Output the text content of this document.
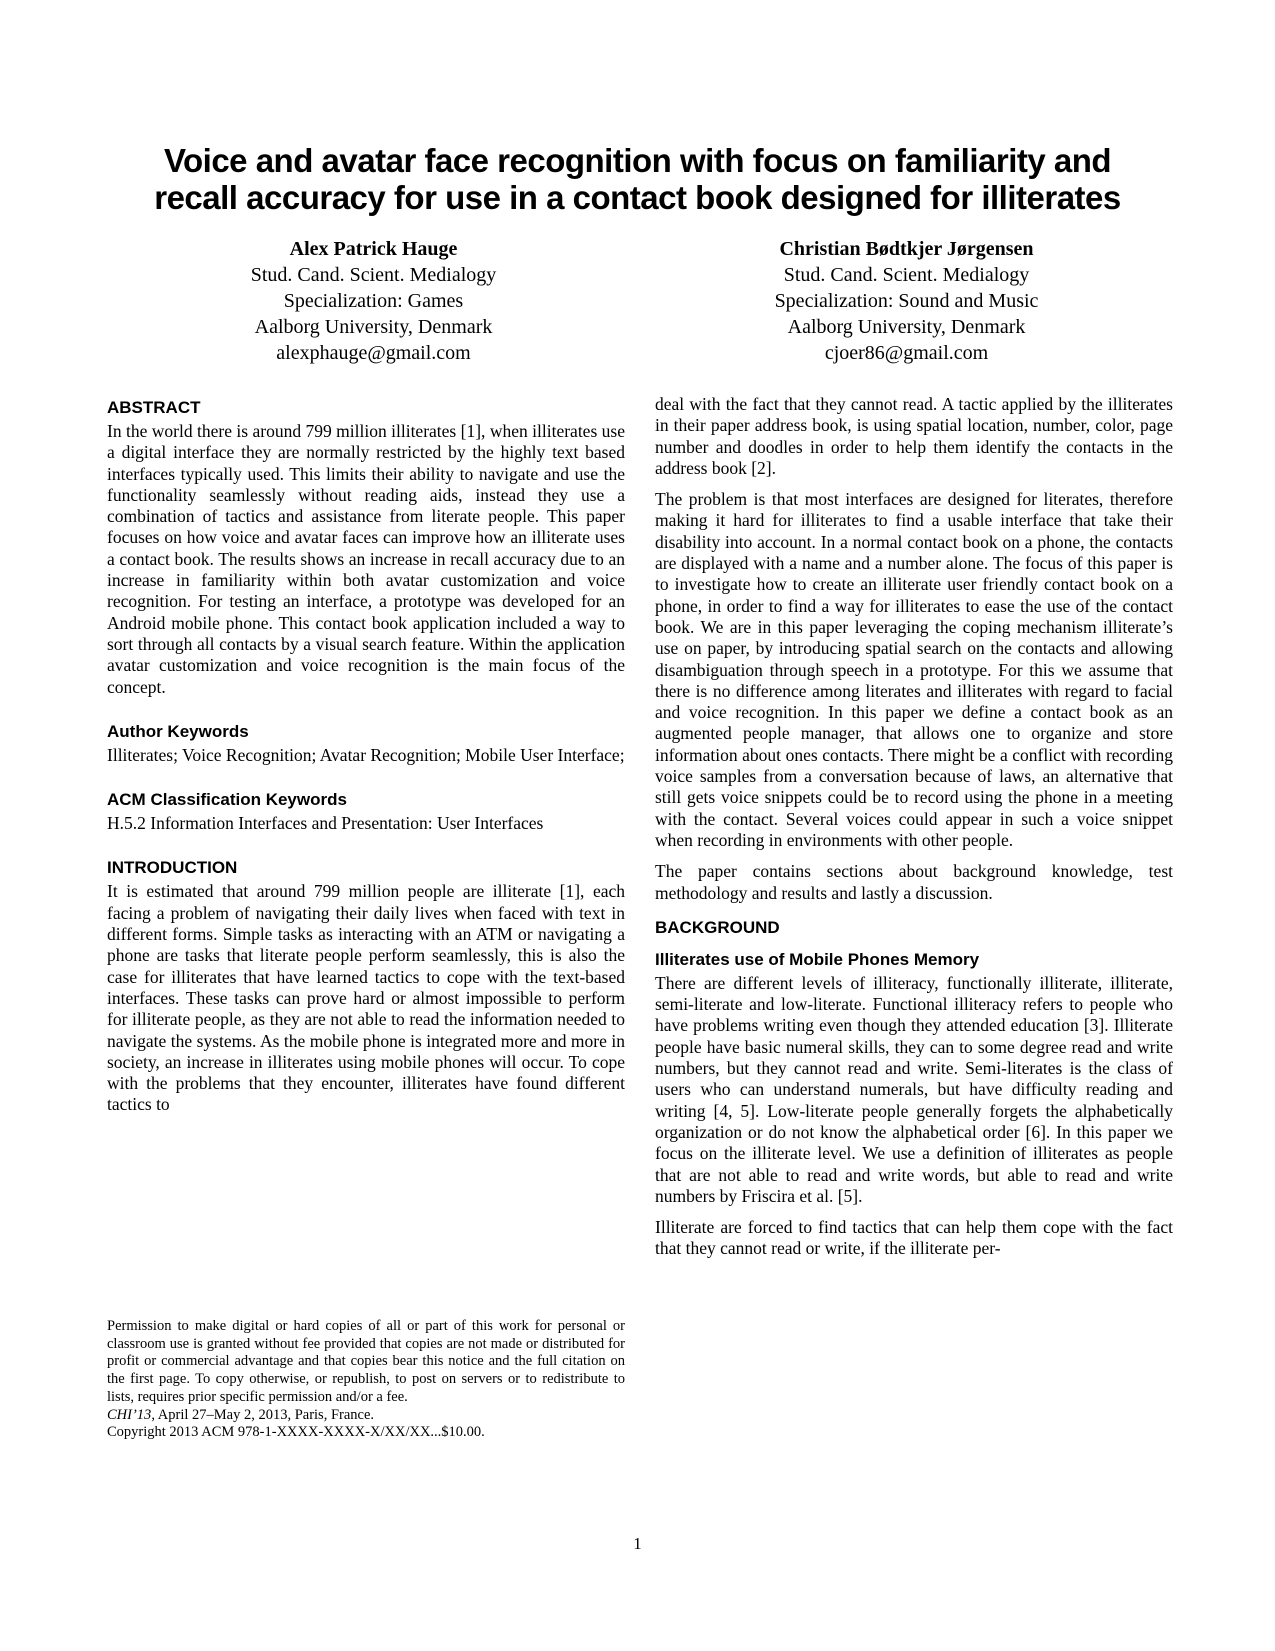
Voice and avatar face recognition with focus on familiarity and recall accuracy for use in a contact book designed for illiterates
Alex Patrick Hauge
Stud. Cand. Scient. Medialogy
Specialization: Games
Aalborg University, Denmark
alexphauge@gmail.com
Christian Bødtkjer Jørgensen
Stud. Cand. Scient. Medialogy
Specialization: Sound and Music
Aalborg University, Denmark
cjoer86@gmail.com
ABSTRACT

In the world there is around 799 million illiterates [1], when illiterates use a digital interface they are normally restricted by the highly text based interfaces typically used. This limits their ability to navigate and use the functionality seamlessly without reading aids, instead they use a combination of tactics and assistance from literate people. This paper focuses on how voice and avatar faces can improve how an illiterate uses a contact book. The results shows an increase in recall accuracy due to an increase in familiarity within both avatar customization and voice recognition. For testing an interface, a prototype was developed for an Android mobile phone. This contact book application included a way to sort through all contacts by a visual search feature. Within the application avatar customization and voice recognition is the main focus of the concept.

Author Keywords

Illiterates; Voice Recognition; Avatar Recognition; Mobile User Interface;

ACM Classification Keywords

H.5.2 Information Interfaces and Presentation: User Interfaces

INTRODUCTION

It is estimated that around 799 million people are illiterate [1], each facing a problem of navigating their daily lives when faced with text in different forms. Simple tasks as interacting with an ATM or navigating a phone are tasks that literate people perform seamlessly, this is also the case for illiterates that have learned tactics to cope with the text-based interfaces. These tasks can prove hard or almost impossible to perform for illiterate people, as they are not able to read the information needed to navigate the systems. As the mobile phone is integrated more and more in society, an increase in illiterates using mobile phones will occur. To cope with the problems that they encounter, illiterates have found different tactics to

Permission to make digital or hard copies of all or part of this work for personal or classroom use is granted without fee provided that copies are not made or distributed for profit or commercial advantage and that copies bear this notice and the full citation on the first page. To copy otherwise, or republish, to post on servers or to redistribute to lists, requires prior specific permission and/or a fee.

CHI’13, April 27–May 2, 2013, Paris, France.

Copyright 2013 ACM 978-1-XXXX-XXXX-X/XX/XX...$10.00.

deal with the fact that they cannot read. A tactic applied by the illiterates in their paper address book, is using spatial location, number, color, page number and doodles in order to help them identify the contacts in the address book [2].

The problem is that most interfaces are designed for literates, therefore making it hard for illiterates to find a usable interface that take their disability into account. In a normal contact book on a phone, the contacts are displayed with a name and a number alone. The focus of this paper is to investigate how to create an illiterate user friendly contact book on a phone, in order to find a way for illiterates to ease the use of the contact book. We are in this paper leveraging the coping mechanism illiterate’s use on paper, by introducing spatial search on the contacts and allowing disambiguation through speech in a prototype. For this we assume that there is no difference among literates and illiterates with regard to facial and voice recognition. In this paper we define a contact book as an augmented people manager, that allows one to organize and store information about ones contacts. There might be a conflict with recording voice samples from a conversation because of laws, an alternative that still gets voice snippets could be to record using the phone in a meeting with the contact. Several voices could appear in such a voice snippet when recording in environments with other people.

The paper contains sections about background knowledge, test methodology and results and lastly a discussion.

BACKGROUND
Illiterates use of Mobile Phones Memory

There are different levels of illiteracy, functionally illiterate, illiterate, semi-literate and low-literate. Functional illiteracy refers to people who have problems writing even though they attended education [3]. Illiterate people have basic numeral skills, they can to some degree read and write numbers, but they cannot read and write. Semi-literates is the class of users who can understand numerals, but have difficulty reading and writing [4, 5]. Low-literate people generally forgets the alphabetically organization or do not know the alphabetical order [6]. In this paper we focus on the illiterate level. We use a definition of illiterates as people that are not able to read and write words, but able to read and write numbers by Friscira et al. [5].

Illiterate are forced to find tactics that can help them cope with the fact that they cannot read or write, if the illiterate per-

1
